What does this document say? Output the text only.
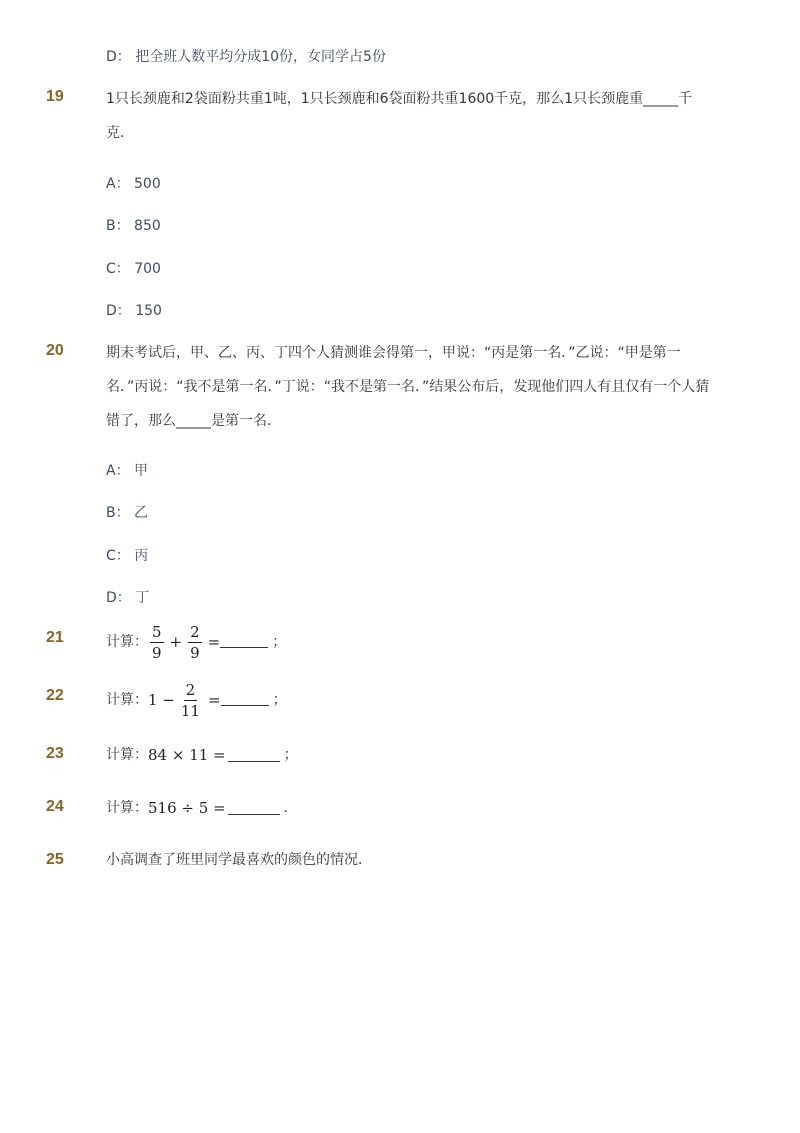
D： 把全班人数平均分成10份，女同学占5份
19	1只长颈鹿和2袋面粉共重1吨，1只长颈鹿和6袋面粉共重1600千克，那么1只长颈鹿重_____千克．
A： 500
B： 850
C： 700
D： 150
20	期末考试后，甲、乙、丙、丁四个人猜测谁会得第一，甲说：“丙是第一名．”乙说：“甲是第一名．”丙说：“我不是第一名．”丁说：“我不是第一名．”结果公布后，发现他们四人有且仅有一个人猜错了，那么_____是第一名．
A： 甲
B： 乙
C： 丙
D： 丁
21	计算： $\frac{5}{9} + \frac{2}{9}$ =	；
22	计算： $1 - \frac{2}{11}$ =	；
23	计算： 84 × 11 =	；
24	计算： 516 ÷ 5 =	．
25	小高调查了班里同学最喜欢的颜色的情况．
